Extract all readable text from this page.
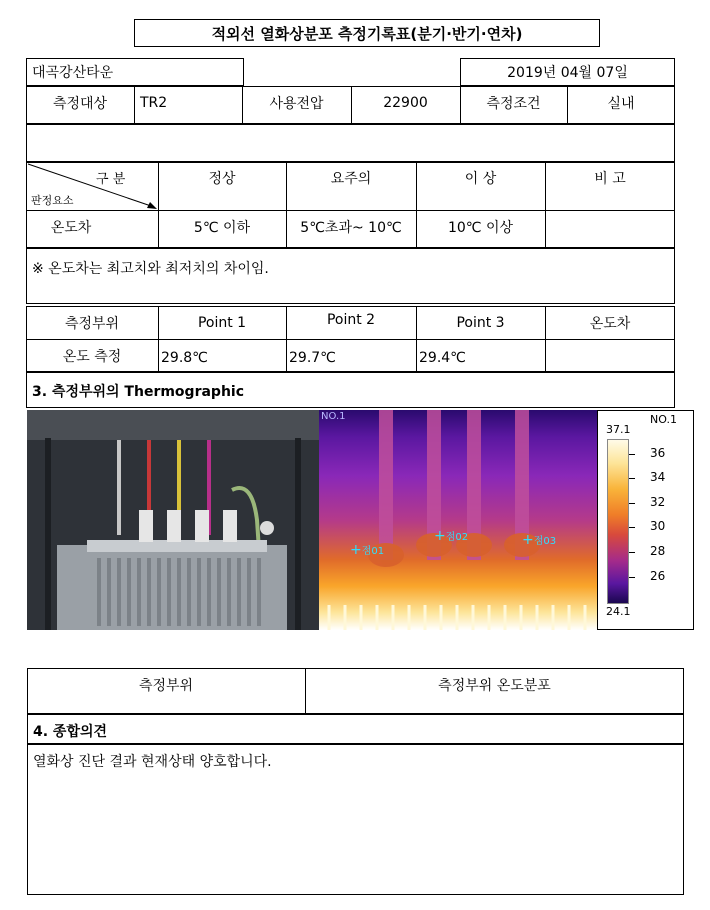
적외선 열화상분포 측정기록표(분기·반기·연차)
대곡강산타운	2019년 04월 07일
측정대상	TR2	사용전압	22900	측정조건	실내
구 분
판정요소
정상	요주의	이 상	비 고
온도차	5℃ 이하	5℃초과~ 10℃	10℃ 이상
※ 온도차는 최고치와 최저치의 차이임.
측정부위	Point 1	Point 2	Point 3	온도차
온도 측정	29.8℃	29.7℃	29.4℃
3. 측정부위의 Thermographic
NO.1
+점01
+점02	+점03
NO.1
37.1
24.1
36
34
32
30
28
26
측정부위	측정부위 온도분포
4. 종합의견
열화상 진단 결과 현재상태 양호합니다.
